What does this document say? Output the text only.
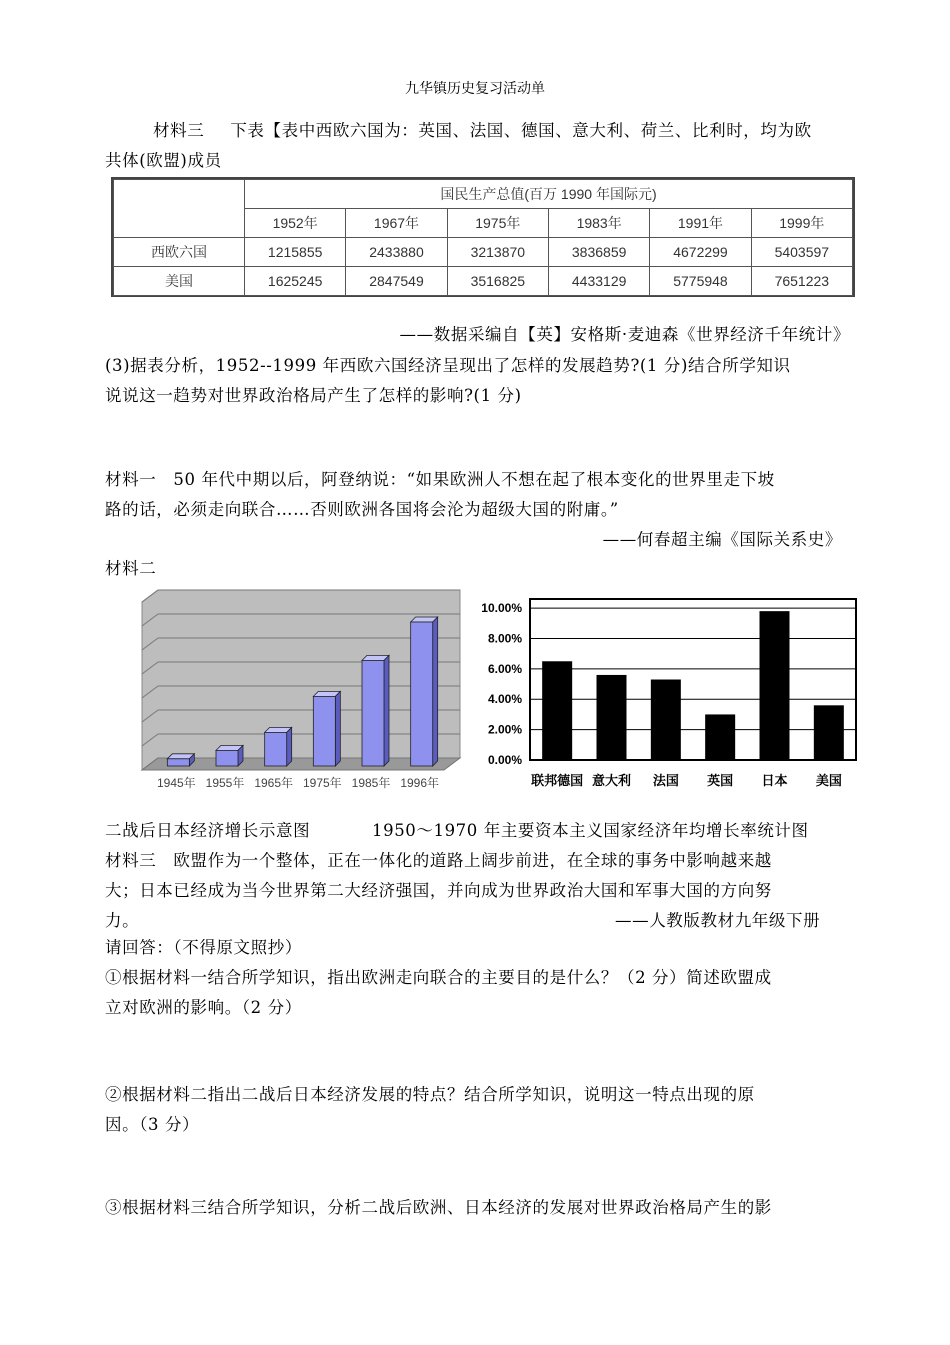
九华镇历史复习活动单
材料三 下表【表中西欧六国为：英国、法国、德国、意大利、荷兰、比利时，均为欧
共体(欧盟)成员
	国民生产总值(百万 1990 年国际元)					
	1952年	1967年	1975年	1983年	1991年	1999年
西欧六国	1215855	2433880	3213870	3836859	4672299	5403597
美国	1625245	2847549	3516825	4433129	5775948	7651223
——数据采编自【英】安格斯·麦迪森《世界经济千年统计》
(3)据表分析，1952--1999 年西欧六国经济呈现出了怎样的发展趋势?(1 分)结合所学知识
说说这一趋势对世界政治格局产生了怎样的影响?(1 分)
材料一　50 年代中期以后，阿登纳说：“如果欧洲人不想在起了根本变化的世界里走下坡
路的话，必须走向联合……否则欧洲各国将会沦为超级大国的附庸。”
——何春超主编《国际关系史》
材料二
1945年 1955年 1965年 1975年 1985年 1996年
10.00%
8.00%
6.00%
4.00%
2.00%
0.00%
联邦德国 意大利 法国 英国 日本 美国
二战后日本经济增长示意图	1950～1970 年主要资本主义国家经济年均增长率统计图
材料三　欧盟作为一个整体，正在一体化的道路上阔步前进，在全球的事务中影响越来越
大；日本已经成为当今世界第二大经济强国，并向成为世界政治大国和军事大国的方向努
力。	——人教版教材九年级下册
请回答：（不得原文照抄）
①根据材料一结合所学知识，指出欧洲走向联合的主要目的是什么？（2 分）简述欧盟成
立对欧洲的影响。（2 分）
②根据材料二指出二战后日本经济发展的特点？结合所学知识，说明这一特点出现的原
因。（3 分）
③根据材料三结合所学知识，分析二战后欧洲、日本经济的发展对世界政治格局产生的影
